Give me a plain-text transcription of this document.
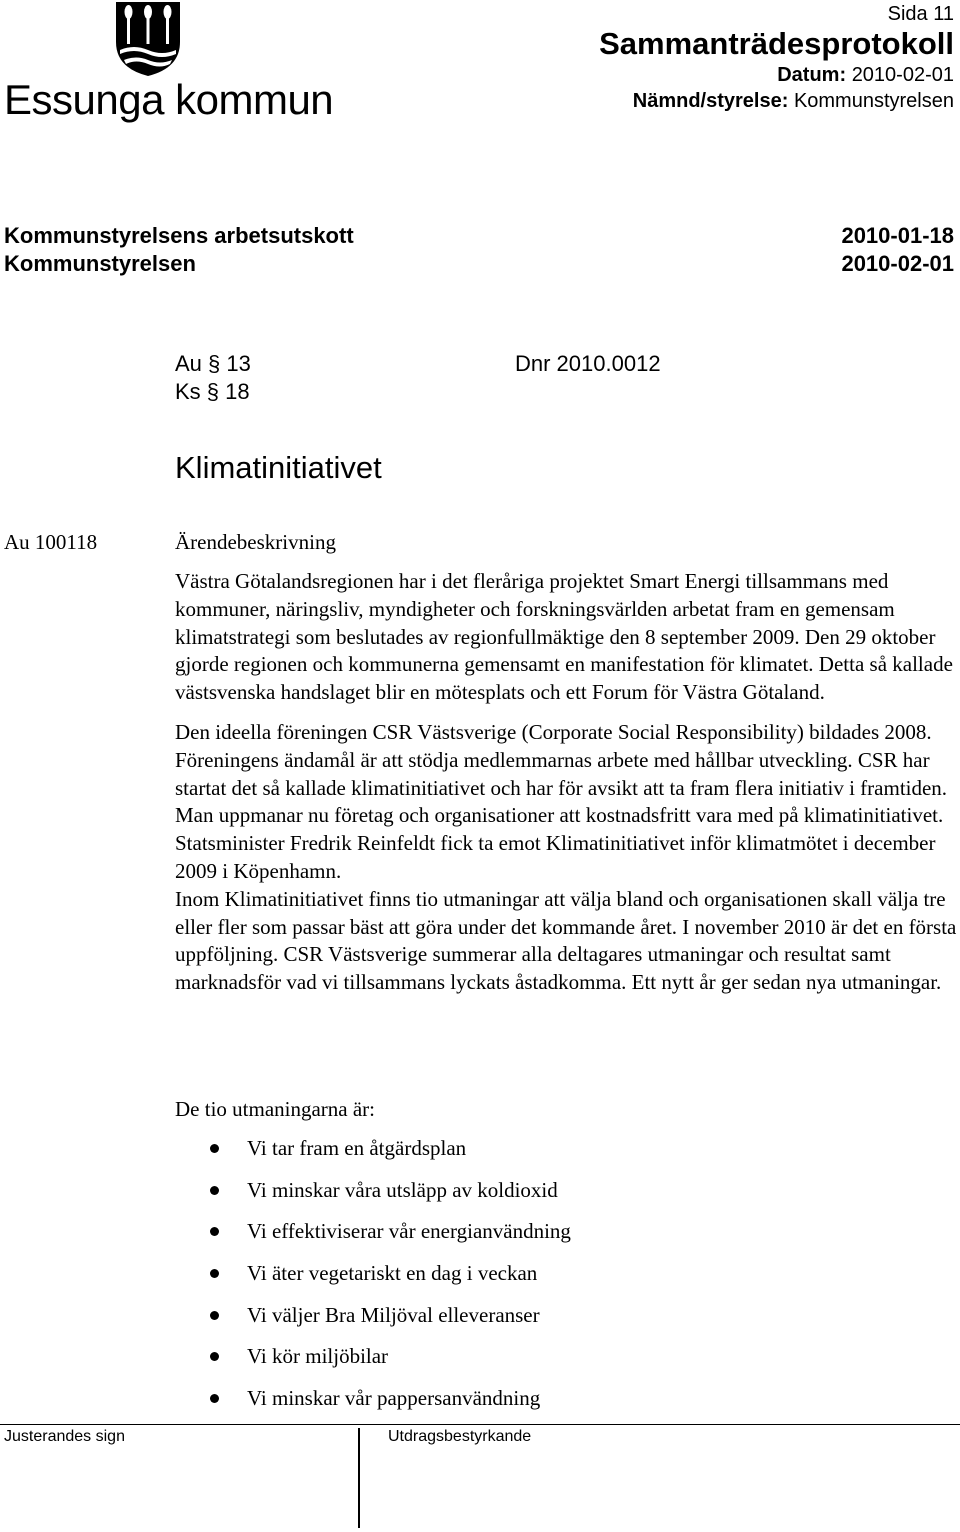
Essunga kommun
Sida 11
Sammanträdesprotokoll
Datum: 2010-02-01
Nämnd/styrelse: Kommunstyrelsen
Kommunstyrelsens arbetsutskott	2010-01-18
Kommunstyrelsen	2010-02-01
Au § 13	Dnr 2010.0012
Ks § 18
Klimatinitiativet
Au 100118	Ärendebeskrivning

Västra Götalandsregionen har i det fleråriga projektet Smart Energi tillsammans med kommuner, näringsliv, myndigheter och forskningsvärlden arbetat fram en gemensam klimatstrategi som beslutades av regionfullmäktige den 8 september 2009. Den 29 oktober gjorde regionen och kommunerna gemensamt en manifestation för klimatet. Detta så kallade västsvenska handslaget blir en mötesplats och ett Forum för Västra Götaland.

Den ideella föreningen CSR Västsverige (Corporate Social Responsibility) bildades 2008. Föreningens ändamål är att stödja medlemmarnas arbete med hållbar utveckling. CSR har startat det så kallade klimatinitiativet och har för avsikt att ta fram flera initiativ i framtiden. Man uppmanar nu företag och organisationer att kostnadsfritt vara med på klimatinitiativet.

Statsminister Fredrik Reinfeldt fick ta emot Klimatinitiativet inför klimatmötet i december 2009 i Köpenhamn.

Inom Klimatinitiativet finns tio utmaningar att välja bland och organisationen skall välja tre eller fler som passar bäst att göra under det kommande året. I november 2010 är det en första uppföljning. CSR Västsverige summerar alla deltagares utmaningar och resultat samt marknadsför vad vi tillsammans lyckats åstadkomma. Ett nytt år ger sedan nya utmaningar.

De tio utmaningarna är:
Vi tar fram en åtgärdsplan
Vi minskar våra utsläpp av koldioxid
Vi effektiviserar vår energianvändning
Vi äter vegetariskt en dag i veckan
Vi väljer Bra Miljöval elleveranser
Vi kör miljöbilar
Vi minskar vår pappersanvändning
Justerandes sign	Utdragsbestyrkande
